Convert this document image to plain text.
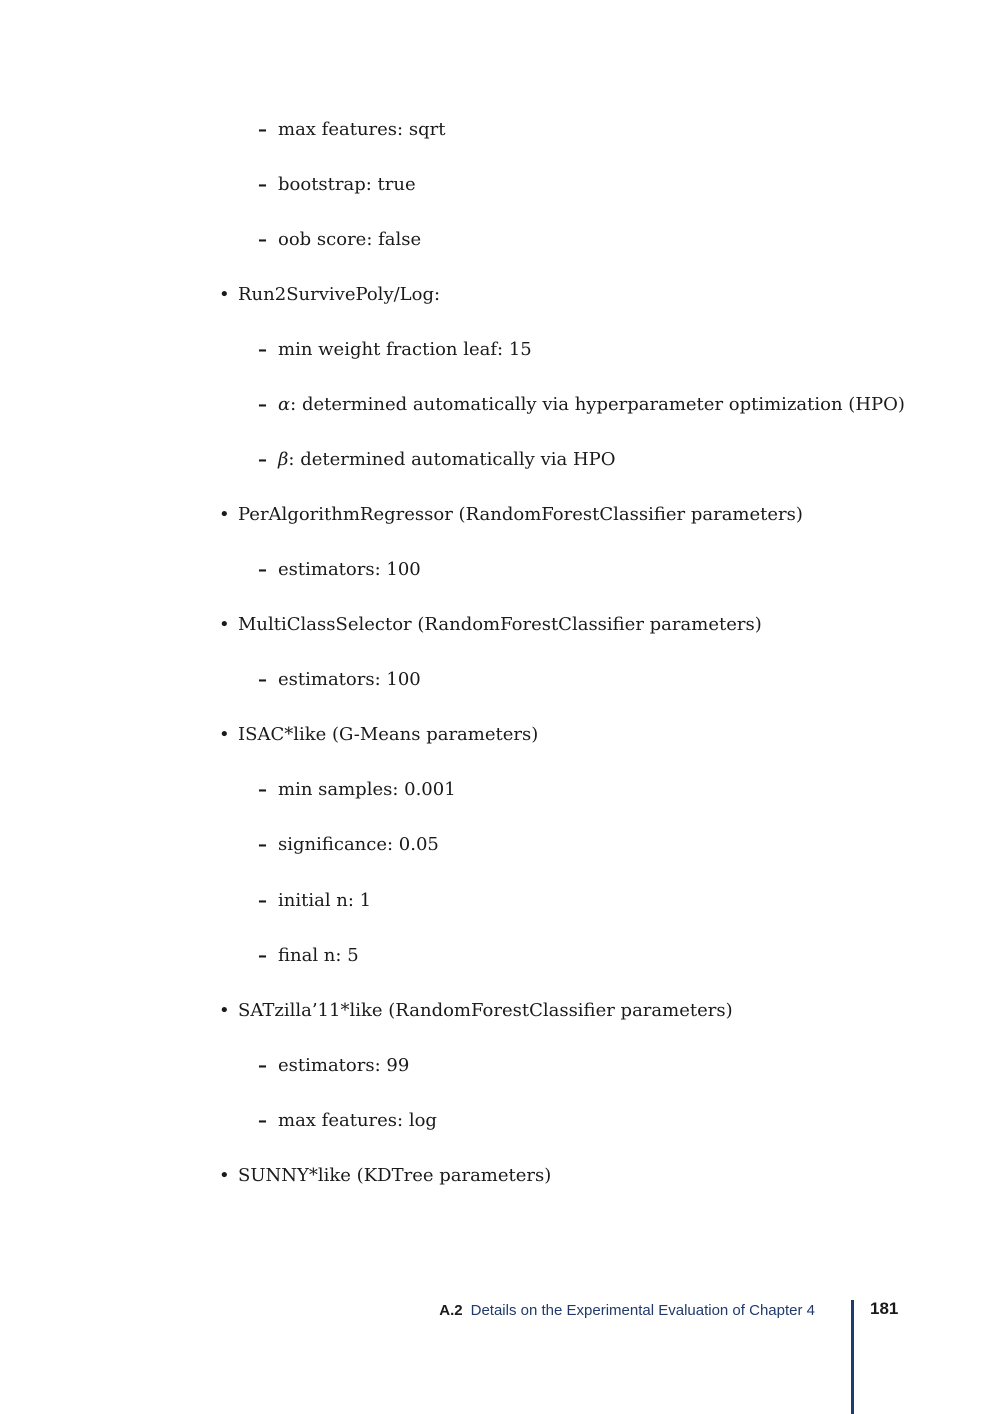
– max features: sqrt
– bootstrap: true
– oob score: false
• Run2SurvivePoly/Log:
– min weight fraction leaf: 15
– α: determined automatically via hyperparameter optimization (HPO)
– β: determined automatically via HPO
• PerAlgorithmRegressor (RandomForestClassifier parameters)
– estimators: 100
• MultiClassSelector (RandomForestClassifier parameters)
– estimators: 100
• ISAC*like (G-Means parameters)
– min samples: 0.001
– significance: 0.05
– initial n: 1
– final n: 5
• SATzilla’11*like (RandomForestClassifier parameters)
– estimators: 99
– max features: log
• SUNNY*like (KDTree parameters)
A.2 Details on the Experimental Evaluation of Chapter 4	181
